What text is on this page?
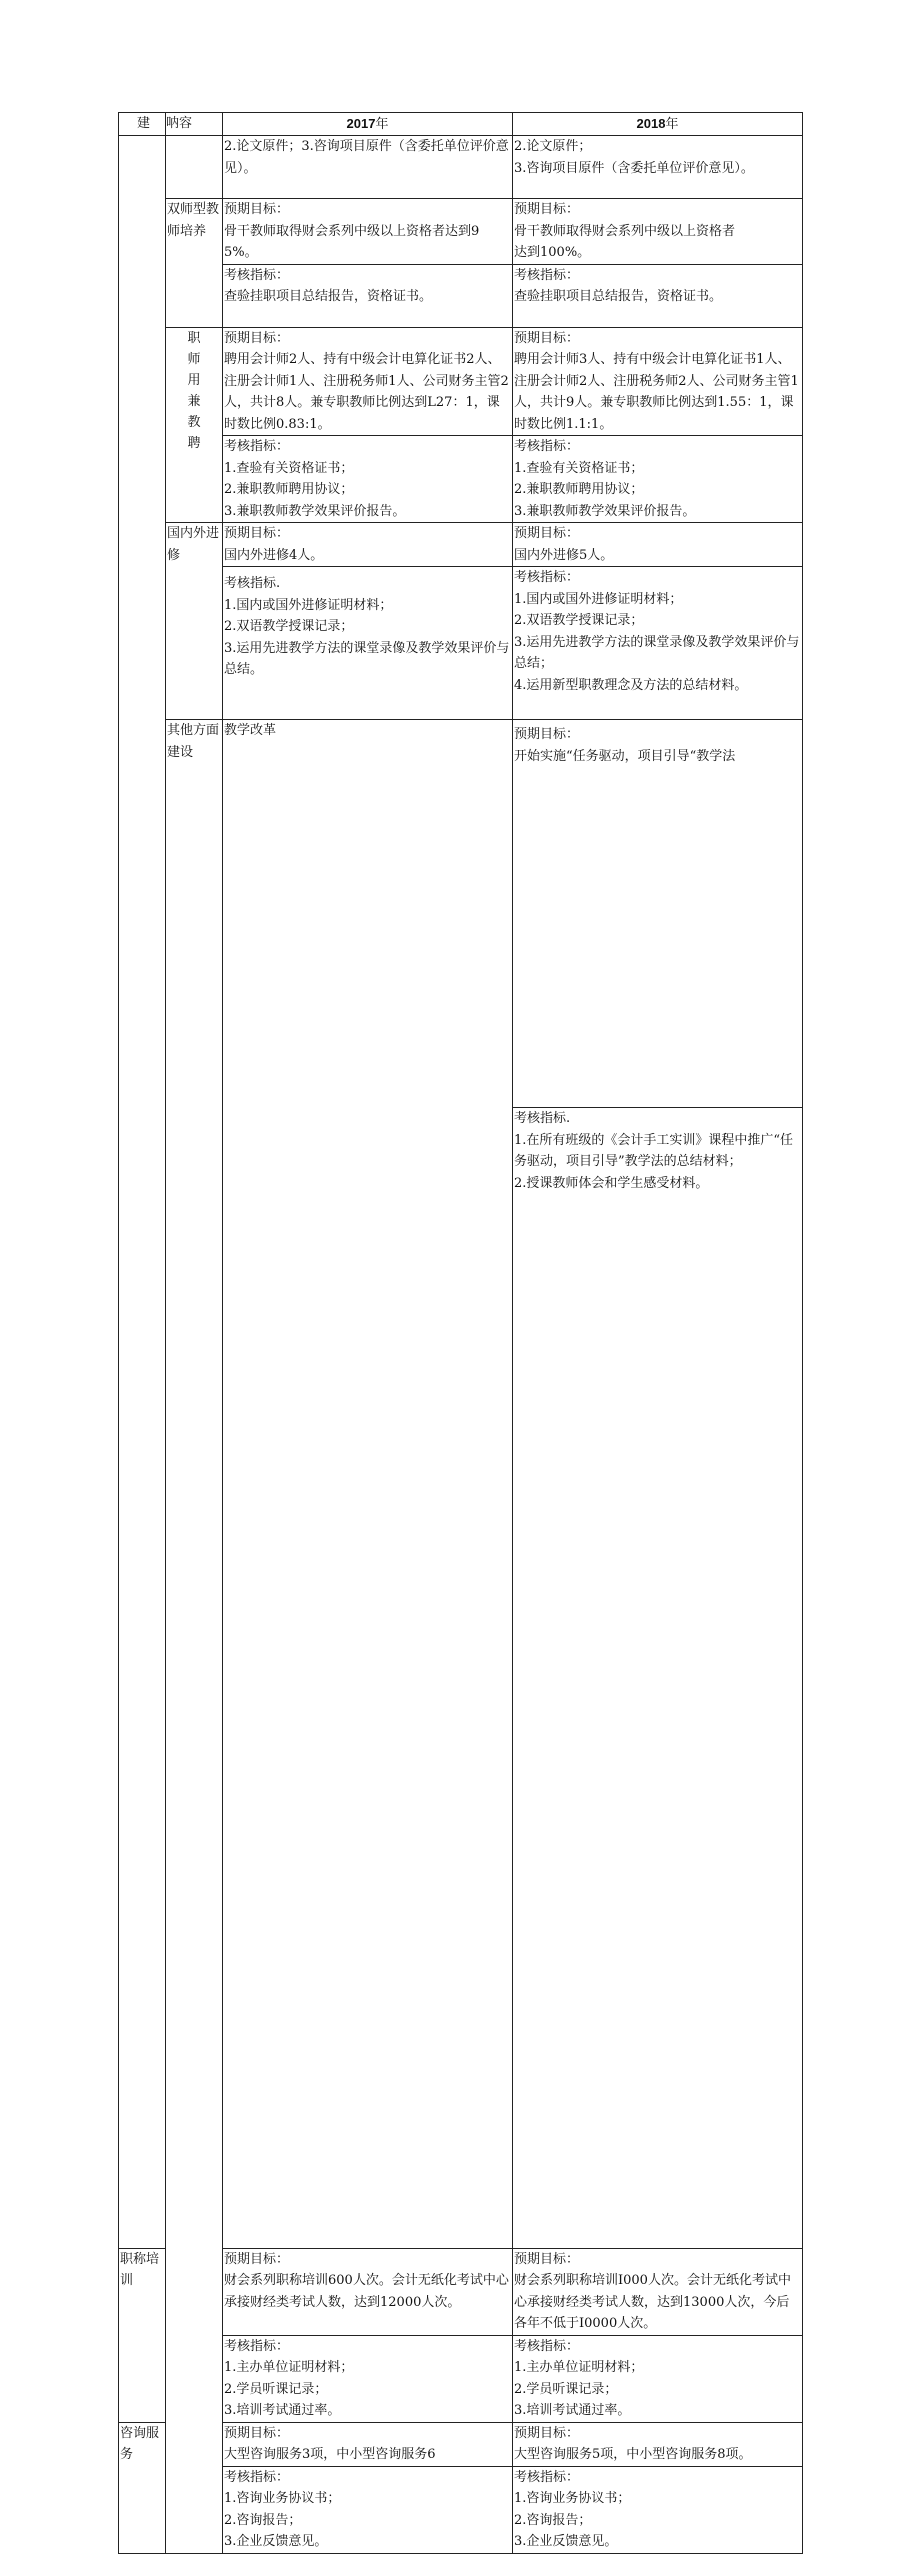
建	呐容	2017年	2018年	

		2.论文原件；3.咨询项目原件（含委托单位评价意见）。	2.论文原件；
3.咨询项目原件（含委托单位评价意见）。	

	双师型教师培养	预期目标：
骨干教师取得财会系列中级以上资格者达到95%。	预期目标：
骨干教师取得财会系列中级以上资格者
达到100%。	

		考核指标：
查验挂职项目总结报告，资格证书。	考核指标：
查验挂职项目总结报告，资格证书。	

	职师用兼教聘	预期目标：
聘用会计师2人、持有中级会计电算化证书2人、注册会计师1人、注册税务师1人、公司财务主管2人，共计8人。兼专职教师比例达到L27：1，课时数比例0.83:1。	预期目标：
聘用会计师3人、持有中级会计电算化证书1人、注册会计师2人、注册税务师2人、公司财务主管1人，共计9人。兼专职教师比例达到1.55：1，课时数比例1.1:1。	

		考核指标：
1.查验有关资格证书；
2.兼职教师聘用协议；
3.兼职教师教学效果评价报告。	考核指标：
1.查验有关资格证书；
2.兼职教师聘用协议；
3.兼职教师教学效果评价报告。	

	国内外进修	预期目标：
国内外进修4人。	预期目标：
国内外进修5人。	

		考核指标.
1.国内或国外进修证明材料；
2.双语教学授课记录；
3.运用先进教学方法的课堂录像及教学效果评价与总结。	考核指标：
1.国内或国外进修证明材料；
2.双语教学授课记录；
3.运用先进教学方法的课堂录像及教学效果评价与总结；
4.运用新型职教理念及方法的总结材料。	

	其他方面建设	教学改革	预期目标：
开始实施“任务驱动，项目引导“教学法

			考核指标.
1.在所有班级的《会计手工实训》课程中推广“任务驱动，项目引导”教学法的总结材料；
2.授课教师体会和学生感受材料。

职称培训		预期目标：
财会系列职称培训600人次。会计无纸化考试中心承接财经类考试人数，达到12000人次。	预期目标：
财会系列职称培训I000人次。会计无纸化考试中心承接财经类考试人数，达到13000人次，今后各年不低于I0000人次。	

		考核指标：
1.主办单位证明材料；
2.学员听课记录；
3.培训考试通过率。	考核指标：
1.主办单位证明材料；
2.学员听课记录；
3.培训考试通过率。	

咨询服务		预期目标：
大型咨询服务3项，中小型咨询服务6	预期目标：
大型咨询服务5项，中小型咨询服务8项。	

		考核指标：
1.咨询业务协议书；
2.咨询报告；
3.企业反馈意见。	考核指标：
1.咨询业务协议书；
2.咨询报告；
3.企业反馈意见。	
